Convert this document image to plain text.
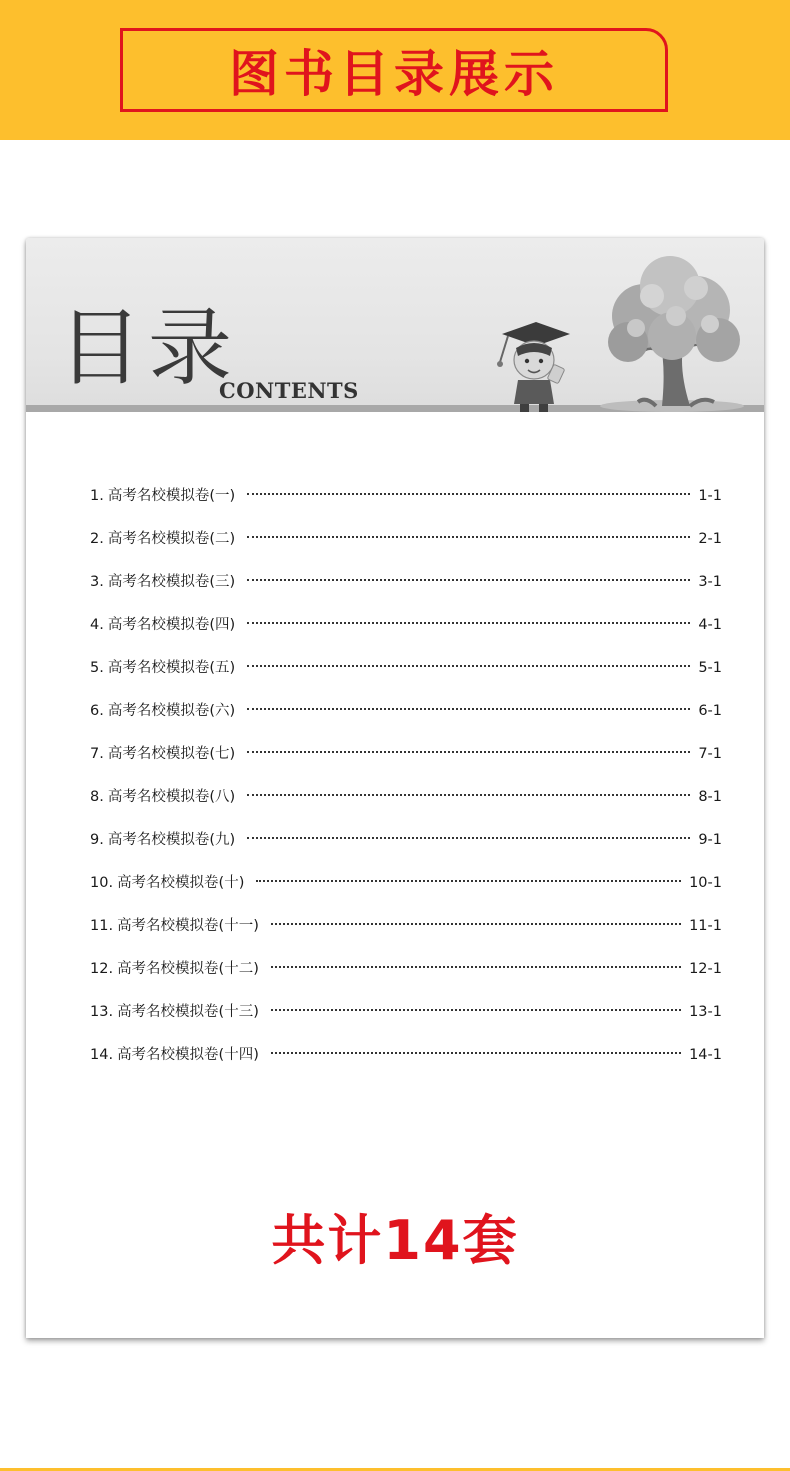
图书目录展示
目录
CONTENTS
1. 高考名校模拟卷(一)	1-1
2. 高考名校模拟卷(二)	2-1
3. 高考名校模拟卷(三)	3-1
4. 高考名校模拟卷(四)	4-1
5. 高考名校模拟卷(五)	5-1
6. 高考名校模拟卷(六)	6-1
7. 高考名校模拟卷(七)	7-1
8. 高考名校模拟卷(八)	8-1
9. 高考名校模拟卷(九)	9-1
10. 高考名校模拟卷(十)	10-1
11. 高考名校模拟卷(十一)	11-1
12. 高考名校模拟卷(十二)	12-1
13. 高考名校模拟卷(十三)	13-1
14. 高考名校模拟卷(十四)	14-1
共计14套
